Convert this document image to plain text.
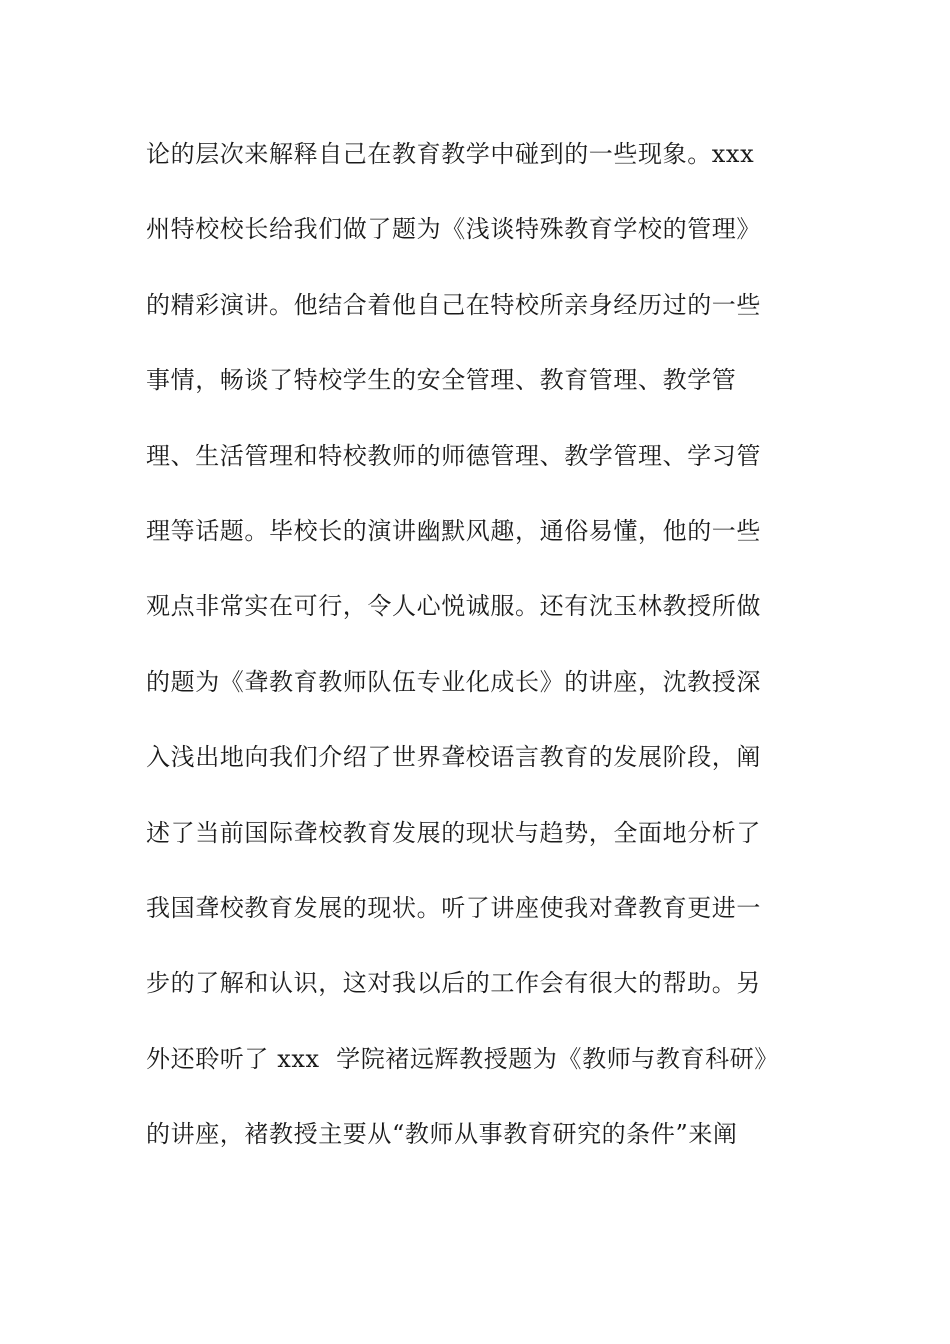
论的层次来解释自己在教育教学中碰到的一些现象。xxx
州特校校长给我们做了题为《浅谈特殊教育学校的管理》
的精彩演讲。他结合着他自己在特校所亲身经历过的一些
事情，畅谈了特校学生的安全管理、教育管理、教学管
理、生活管理和特校教师的师德管理、教学管理、学习管
理等话题。毕校长的演讲幽默风趣，通俗易懂，他的一些
观点非常实在可行，令人心悦诚服。还有沈玉林教授所做
的题为《聋教育教师队伍专业化成长》的讲座，沈教授深
入浅出地向我们介绍了世界聋校语言教育的发展阶段，阐
述了当前国际聋校教育发展的现状与趋势，全面地分析了
我国聋校教育发展的现状。听了讲座使我对聋教育更进一
步的了解和认识，这对我以后的工作会有很大的帮助。另
外还聆听了 xxx  学院褚远辉教授题为《教师与教育科研》
的讲座，褚教授主要从“教师从事教育研究的条件”来阐
